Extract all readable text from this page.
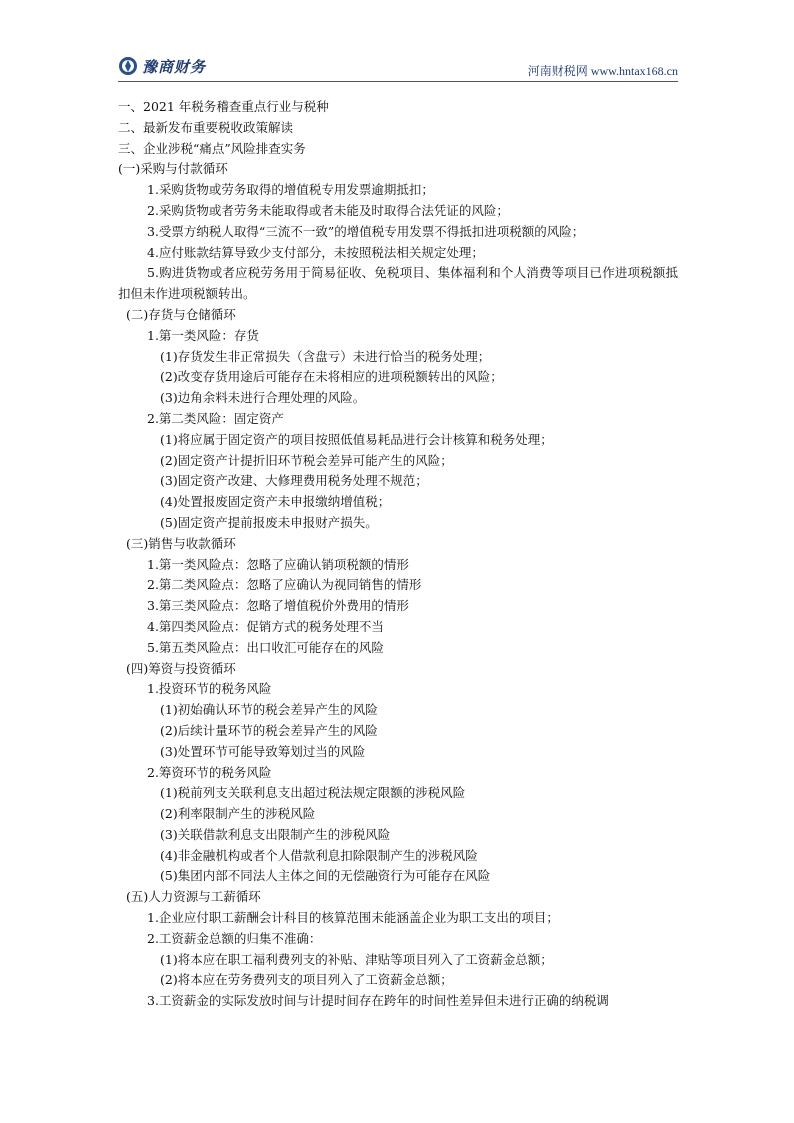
豫商财务	河南财税网 www.hntax168.cn
一、2021 年税务稽查重点行业与税种
二、最新发布重要税收政策解读
三、企业涉税“痛点”风险排查实务
(一)采购与付款循环
1.采购货物或劳务取得的增值税专用发票逾期抵扣；
2.采购货物或者劳务未能取得或者未能及时取得合法凭证的风险；
3.受票方纳税人取得“三流不一致”的增值税专用发票不得抵扣进项税额的风险；
4.应付账款结算导致少支付部分，未按照税法相关规定处理；
5.购进货物或者应税劳务用于简易征收、免税项目、集体福利和个人消费等项目已作进项税额抵扣但未作进项税额转出。
(二)存货与仓储循环
1.第一类风险：存货
(1)存货发生非正常损失（含盘亏）未进行恰当的税务处理；
(2)改变存货用途后可能存在未将相应的进项税额转出的风险；
(3)边角余料未进行合理处理的风险。
2.第二类风险：固定资产
(1)将应属于固定资产的项目按照低值易耗品进行会计核算和税务处理；
(2)固定资产计提折旧环节税会差异可能产生的风险；
(3)固定资产改建、大修理费用税务处理不规范；
(4)处置报废固定资产未申报缴纳增值税；
(5)固定资产提前报废未申报财产损失。
(三)销售与收款循环
1.第一类风险点：忽略了应确认销项税额的情形
2.第二类风险点：忽略了应确认为视同销售的情形
3.第三类风险点：忽略了增值税价外费用的情形
4.第四类风险点：促销方式的税务处理不当
5.第五类风险点：出口收汇可能存在的风险
(四)筹资与投资循环
1.投资环节的税务风险
(1)初始确认环节的税会差异产生的风险
(2)后续计量环节的税会差异产生的风险
(3)处置环节可能导致筹划过当的风险
2.筹资环节的税务风险
(1)税前列支关联利息支出超过税法规定限额的涉税风险
(2)利率限制产生的涉税风险
(3)关联借款利息支出限制产生的涉税风险
(4)非金融机构或者个人借款利息扣除限制产生的涉税风险
(5)集团内部不同法人主体之间的无偿融资行为可能存在风险
(五)人力资源与工薪循环
1.企业应付职工薪酬会计科目的核算范围未能涵盖企业为职工支出的项目；
2.工资薪金总额的归集不准确：
(1)将本应在职工福利费列支的补贴、津贴等项目列入了工资薪金总额；
(2)将本应在劳务费列支的项目列入了工资薪金总额；
3.工资薪金的实际发放时间与计提时间存在跨年的时间性差异但未进行正确的纳税调
